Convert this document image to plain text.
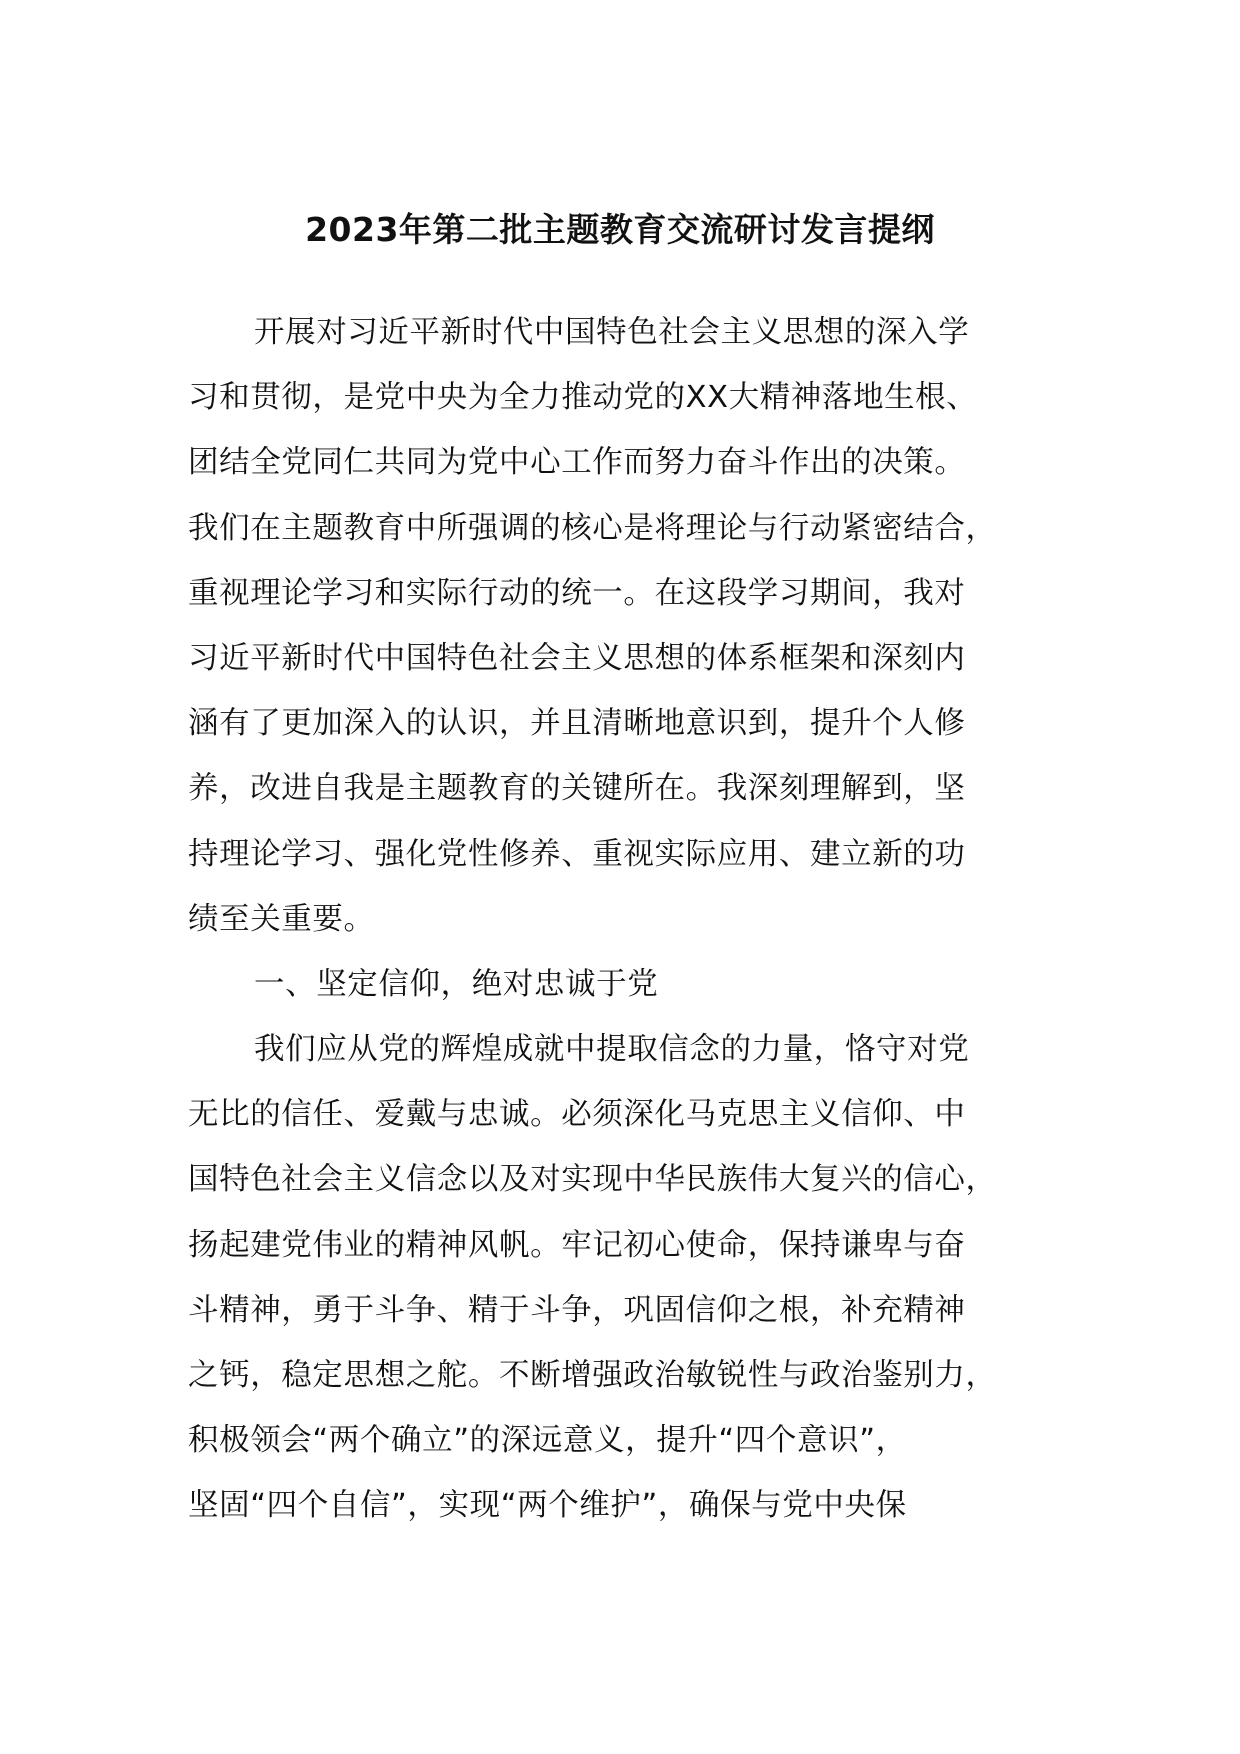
2023年第二批主题教育交流研讨发言提纲
开展对习近平新时代中国特色社会主义思想的深入学
习和贯彻，是党中央为全力推动党的XX大精神落地生根、
团结全党同仁共同为党中心工作而努力奋斗作出的决策。
我们在主题教育中所强调的核心是将理论与行动紧密结合，
重视理论学习和实际行动的统一。在这段学习期间，我对
习近平新时代中国特色社会主义思想的体系框架和深刻内
涵有了更加深入的认识，并且清晰地意识到，提升个人修
养，改进自我是主题教育的关键所在。我深刻理解到，坚
持理论学习、强化党性修养、重视实际应用、建立新的功
绩至关重要。
一、坚定信仰，绝对忠诚于党
我们应从党的辉煌成就中提取信念的力量，恪守对党
无比的信任、爱戴与忠诚。必须深化马克思主义信仰、中
国特色社会主义信念以及对实现中华民族伟大复兴的信心，
扬起建党伟业的精神风帆。牢记初心使命，保持谦卑与奋
斗精神，勇于斗争、精于斗争，巩固信仰之根，补充精神
之钙，稳定思想之舵。不断增强政治敏锐性与政治鉴别力，
积极领会“两个确立”的深远意义，提升“四个意识”，
坚固“四个自信”，实现“两个维护”，确保与党中央保
